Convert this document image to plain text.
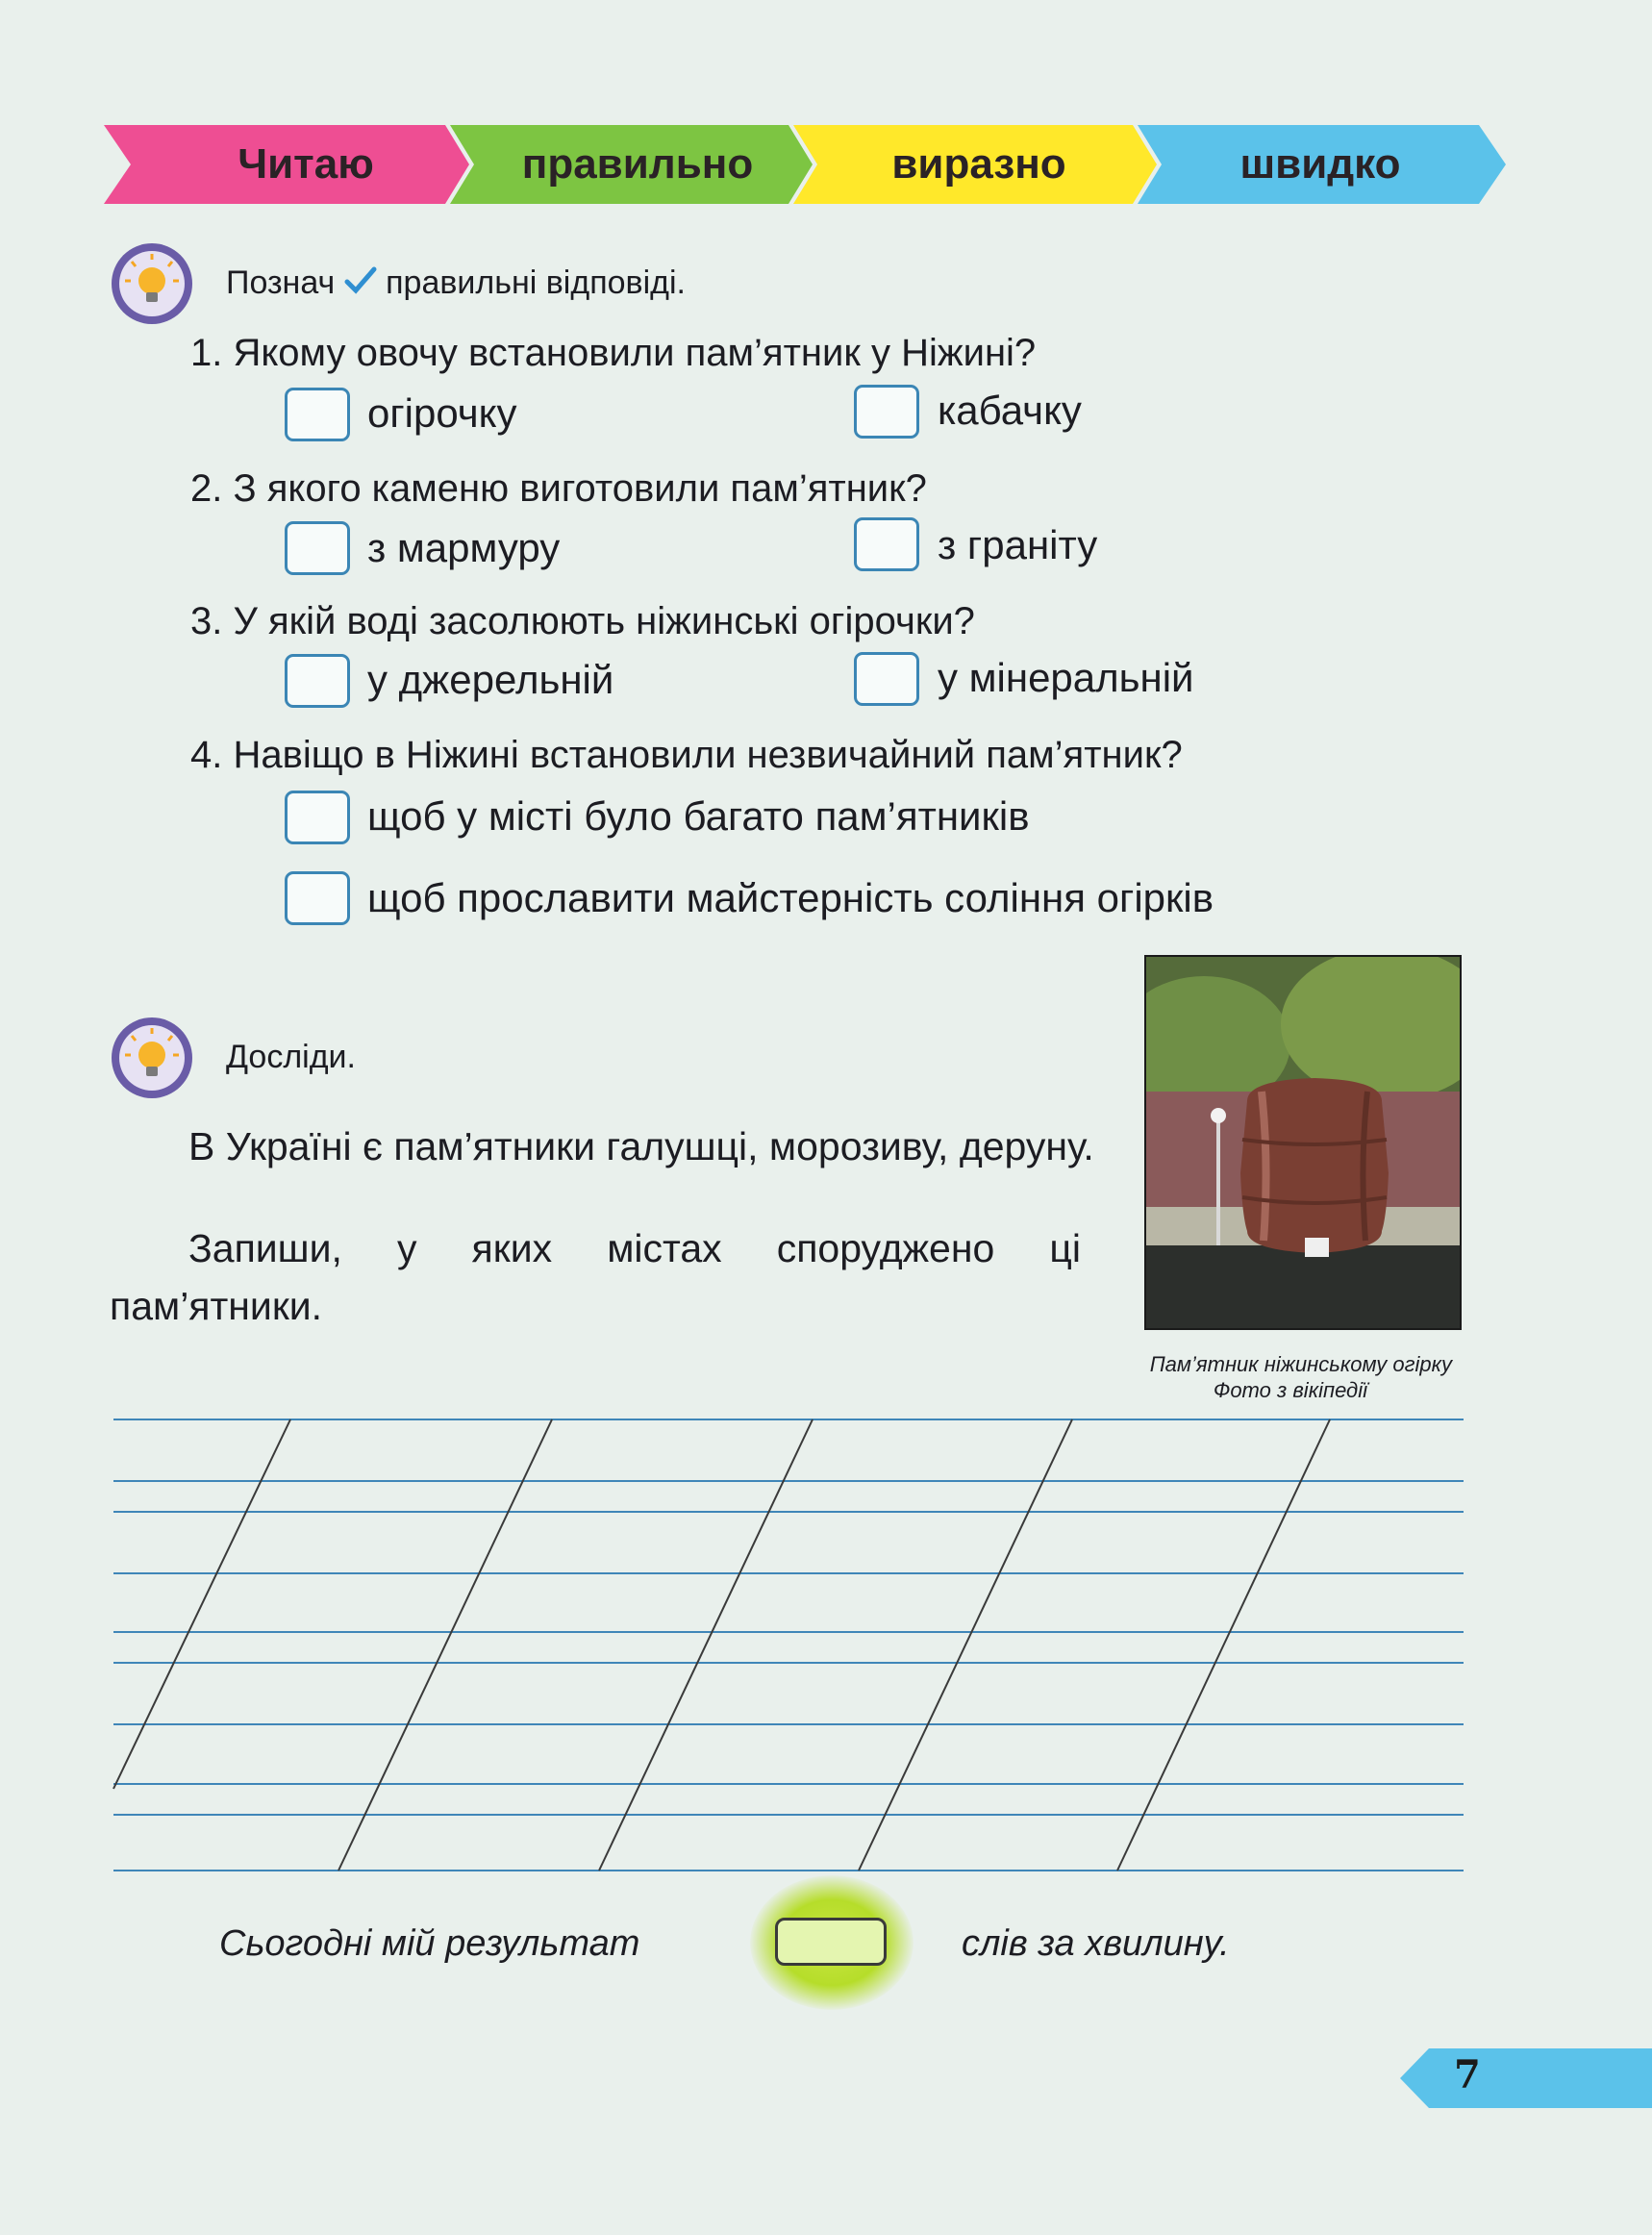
Читаю	правильно	виразно	швидко
Познач правильні відповіді.
1. Якому овочу встановили пам’ятник у Ніжині?
огірочку	кабачку
2. З якого каменю виготовили пам’ятник?
з мармуру	з граніту
3. У якій воді засолюють ніжинські огірочки?
у джерельній	у мінеральній
4. Навіщо в Ніжині встановили незвичайний пам’ятник?
щоб у місті було багато пам’ятників
щоб прославити майстерність соління огірків
Досліди.
В Україні є пам’ятники галушці, морозиву, деруну.
Запиши, у яких містах споруджено ці пам’ятники.
Пам’ятник ніжинському огірку
Фото з вікіпедії
Сьогодні мій результат	слів за хвилину.
7
